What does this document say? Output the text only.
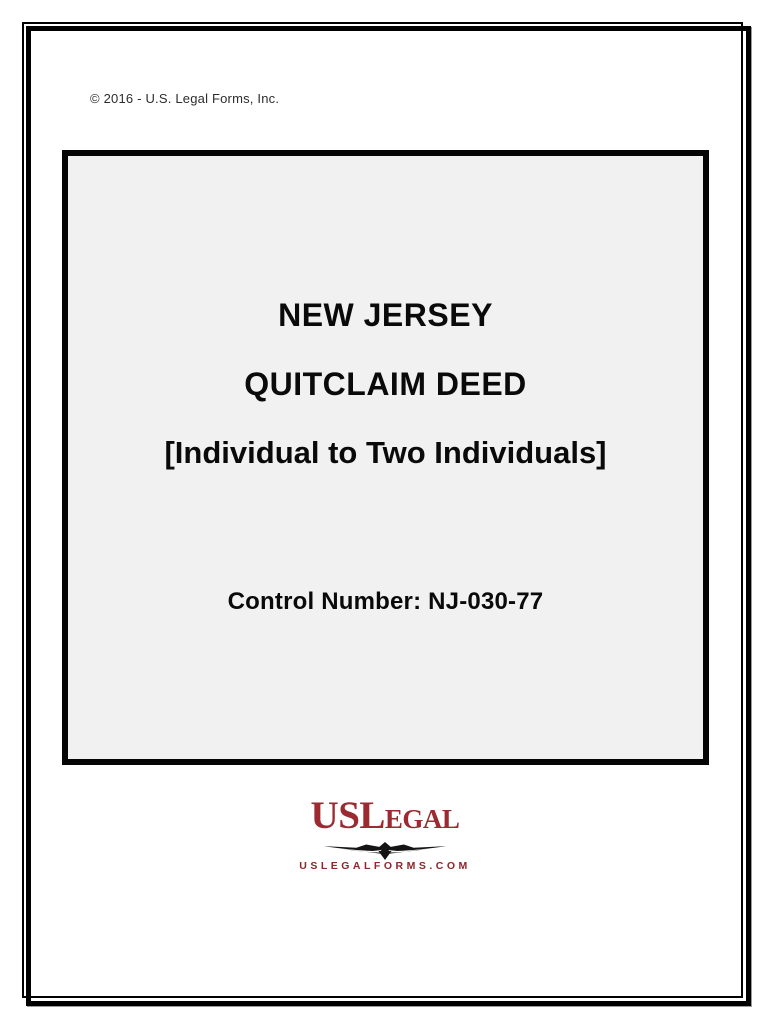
© 2016 - U.S. Legal Forms, Inc.
NEW JERSEY
QUITCLAIM DEED
[Individual to Two Individuals]
Control Number: NJ-030-77
USLEGAL
USLEGALFORMS.COM
